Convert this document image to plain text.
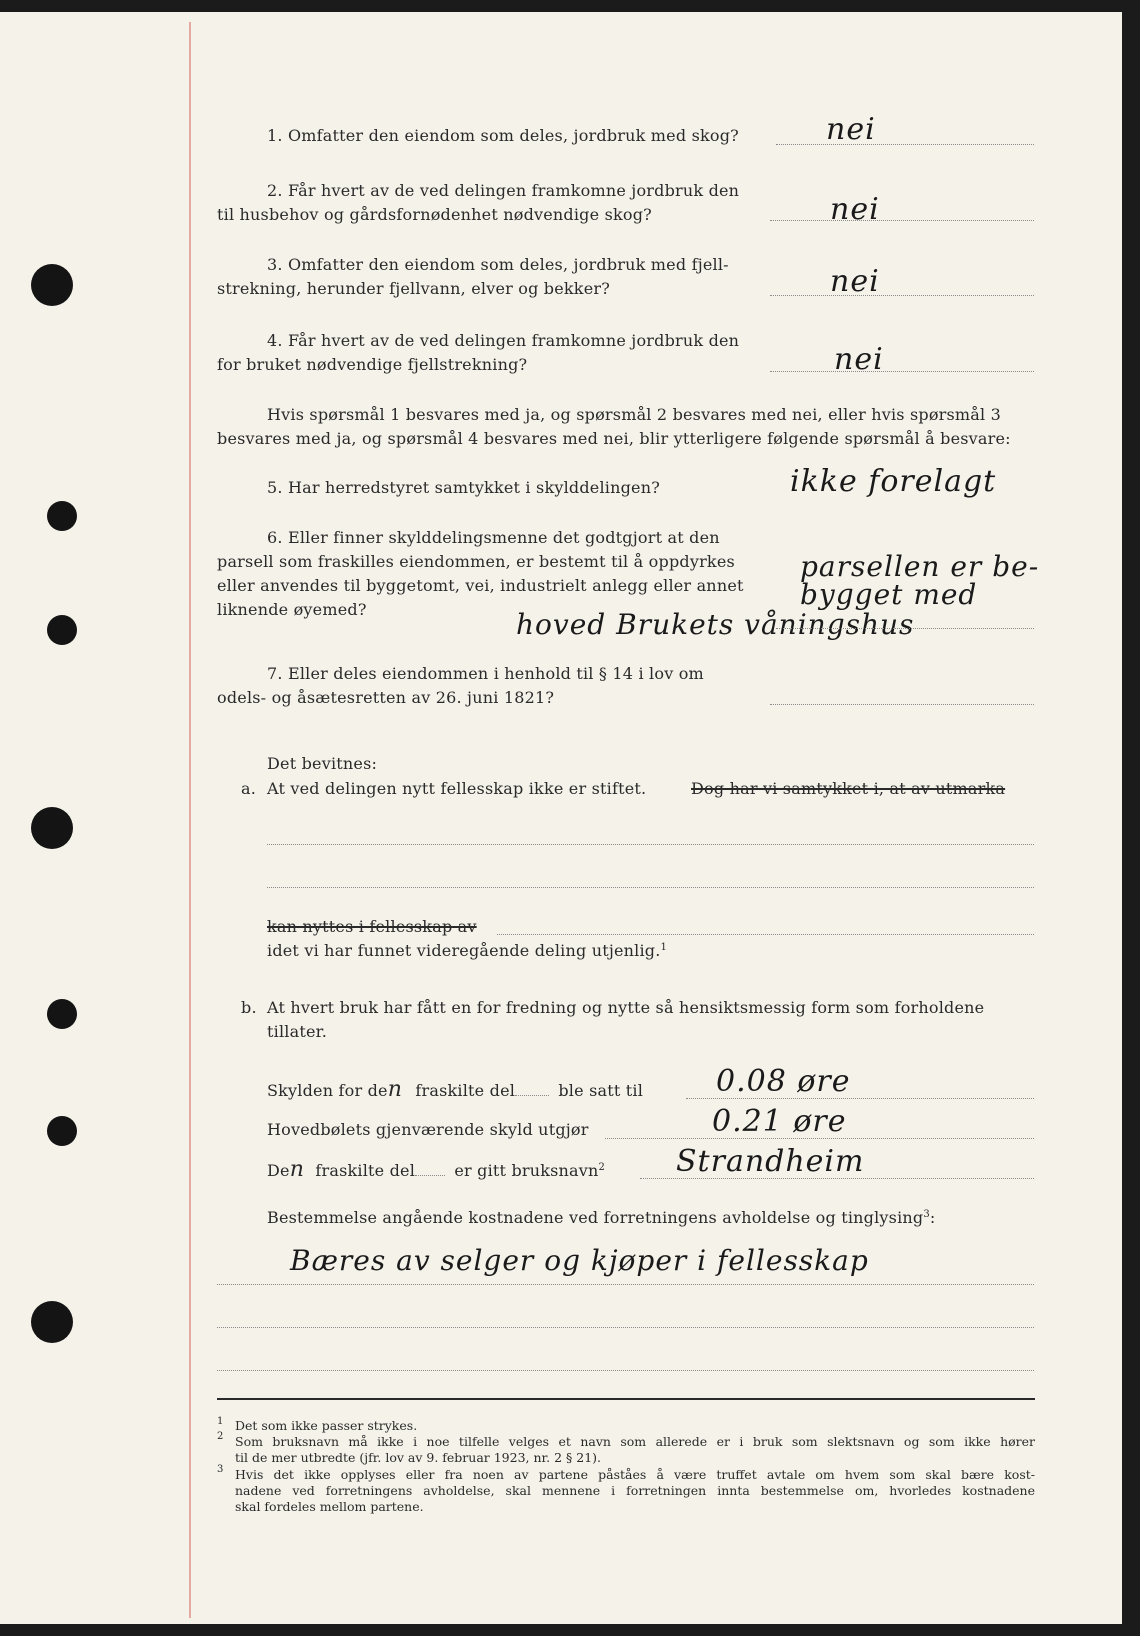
1. Omfatter den eiendom som deles, jordbruk med skog?	nei
2. Får hvert av de ved delingen framkomne jordbruk den
til husbehov og gårdsfornødenhet nødvendige skog?	nei
3. Omfatter den eiendom som deles, jordbruk med fjell-
strekning, herunder fjellvann, elver og bekker?	nei
4. Får hvert av de ved delingen framkomne jordbruk den
for bruket nødvendige fjellstrekning?	nei
Hvis spørsmål 1 besvares med ja, og spørsmål 2 besvares med nei, eller hvis spørsmål 3
besvares med ja, og spørsmål 4 besvares med nei, blir ytterligere følgende spørsmål å besvare:
5. Har herredstyret samtykket i skylddelingen?	ikke forelagt
6. Eller finner skylddelingsmenne det godtgjort at den
parsell som fraskilles eiendommen, er bestemt til å oppdyrkes
eller anvendes til byggetomt, vei, industrielt anlegg eller annet
liknende øyemed?
parsellen er be-
bygget med
hoved Brukets våningshus
7. Eller deles eiendommen i henhold til § 14 i lov om
odels- og åsætesretten av 26. juni 1821?
Det bevitnes:
a. At ved delingen nytt fellesskap ikke er stiftet.	Dog har vi samtykket i, at av utmarka
kan nyttes i fellesskap av
idet vi har funnet videregående deling utjenlig.$^1$
b. At hvert bruk har fått en for fredning og nytte så hensiktsmessig form som forholdene
tillater.
Skylden for den fraskilte del	ble satt til 0.08 øre
Hovedbølets gjenværende skyld utgjør	0.21 øre
Den fraskilte del er gitt bruksnavn$^2$ Strandheim
Bestemmelse angående kostnadene ved forretningens avholdelse og tinglysing$^3$:
Bæres av selger og kjøper i fellesskap
1 Det som ikke passer strykes.
2 Som bruksnavn må ikke i noe tilfelle velges et navn som allerede er i bruk som slektsnavn og som ikke hører
til de mer utbredte (jfr. lov av 9. februar 1923, nr. 2 § 21).
3 Hvis det ikke opplyses eller fra noen av partene påståes å være truffet avtale om hvem som skal bære kost-
nadene ved forretningens avholdelse, skal mennene i forretningen innta bestemmelse om, hvorledes kostnadene
skal fordeles mellom partene.
